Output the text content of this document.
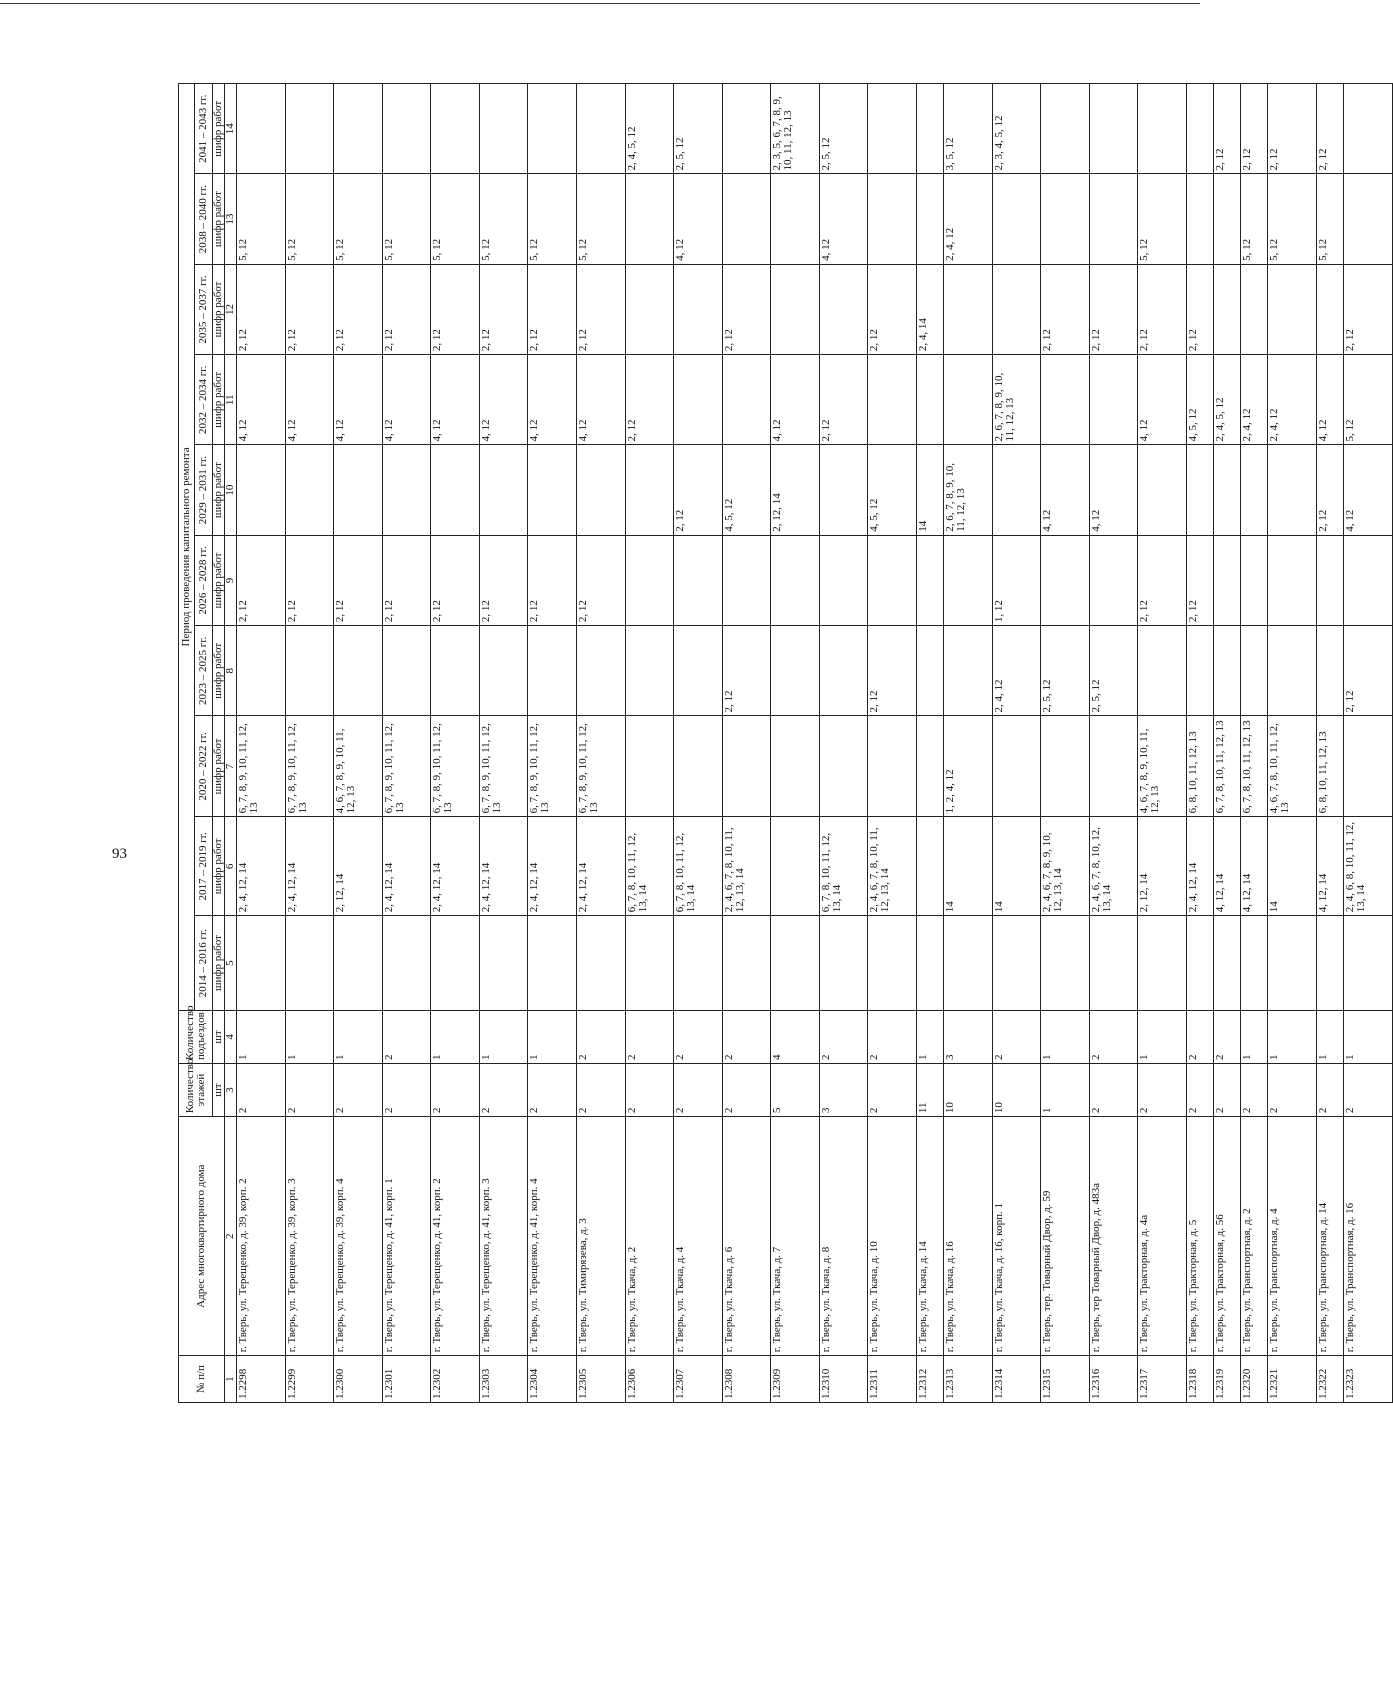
93
№ п/п	Адрес многоквартирного дома	Количество этажей	Количество подъездов	Период проведения капитального ремонта									
				2014 – 2016 гг.	2017 – 2019 гг.	2020 – 2022 гг.	2023 – 2025 гг.	2026 – 2028 гг.	2029 – 2031 гг.	2032 – 2034 гг.	2035 – 2037 гг.	2038 – 2040 гг.	2041 – 2043 гг.
		шт	шт	шифр работ	шифр работ	шифр работ	шифр работ	шифр работ	шифр работ	шифр работ	шифр работ	шифр работ	шифр работ
1	2	3	4	5	6	7	8	9	10	11	12	13	14
1.2298	г. Тверь, ул. Терещенко, д. 39, корп. 2	2	1		2, 4, 12, 14	6, 7, 8, 9, 10, 11, 12, 13		2, 12		4, 12	2, 12	5, 12	
1.2299	г. Тверь, ул. Терещенко, д. 39, корп. 3	2	1		2, 4, 12, 14	6, 7, 8, 9, 10, 11, 12, 13		2, 12		4, 12	2, 12	5, 12	
1.2300	г. Тверь, ул. Терещенко, д. 39, корп. 4	2	1		2, 12, 14	4, 6, 7, 8, 9, 10, 11, 12, 13		2, 12		4, 12	2, 12	5, 12	
1.2301	г. Тверь, ул. Терещенко, д. 41, корп. 1	2	2		2, 4, 12, 14	6, 7, 8, 9, 10, 11, 12, 13		2, 12		4, 12	2, 12	5, 12	
1.2302	г. Тверь, ул. Терещенко, д. 41, корп. 2	2	1		2, 4, 12, 14	6, 7, 8, 9, 10, 11, 12, 13		2, 12		4, 12	2, 12	5, 12	
1.2303	г. Тверь, ул. Терещенко, д. 41, корп. 3	2	1		2, 4, 12, 14	6, 7, 8, 9, 10, 11, 12, 13		2, 12		4, 12	2, 12	5, 12	
1.2304	г. Тверь, ул. Терещенко, д. 41, корп. 4	2	1		2, 4, 12, 14	6, 7, 8, 9, 10, 11, 12, 13		2, 12		4, 12	2, 12	5, 12	
1.2305	г. Тверь, ул. Тимирязева, д. 3	2	2		2, 4, 12, 14	6, 7, 8, 9, 10, 11, 12, 13		2, 12		4, 12	2, 12	5, 12	
1.2306	г. Тверь, ул. Ткача, д. 2	2	2		6, 7, 8, 10, 11, 12, 13, 14					2, 12			2, 4, 5, 12
1.2307	г. Тверь, ул. Ткача, д. 4	2	2		6, 7, 8, 10, 11, 12, 13, 14				2, 12			4, 12	2, 5, 12
1.2308	г. Тверь, ул. Ткача, д. 6	2	2		2, 4, 6, 7, 8, 10, 11, 12, 13, 14		2, 12		4, 5, 12		2, 12		
1.2309	г. Тверь, ул. Ткача, д. 7	5	4						2, 12, 14	4, 12			2, 3, 5, 6, 7, 8, 9, 10, 11, 12, 13
1.2310	г. Тверь, ул. Ткача, д. 8	3	2		6, 7, 8, 10, 11, 12, 13, 14					2, 12		4, 12	2, 5, 12
1.2311	г. Тверь, ул. Ткача, д. 10	2	2		2, 4, 6, 7, 8, 10, 11, 12, 13, 14		2, 12		4, 5, 12		2, 12		
1.2312	г. Тверь, ул. Ткача, д. 14	11	1						14		2, 4, 14		
1.2313	г. Тверь, ул. Ткача, д. 16	10	3		14	1, 2, 4, 12			2, 6, 7, 8, 9, 10, 11, 12, 13			2, 4, 12	3, 5, 12
1.2314	г. Тверь, ул. Ткача, д. 16, корп. 1	10	2		14		2, 4, 12	1, 12		2, 6, 7, 8, 9, 10, 11, 12, 13			2, 3, 4, 5, 12
1.2315	г. Тверь, тер. Товарный Двор, д. 59	1	1		2, 4, 6, 7, 8, 9, 10, 12, 13, 14		2, 5, 12		4, 12		2, 12		
1.2316	г. Тверь, тер Товарный Двор, д. 483а	2	2		2, 4, 6, 7, 8, 10, 12, 13, 14		2, 5, 12		4, 12		2, 12		
1.2317	г. Тверь, ул. Тракторная, д. 4а	2	1		2, 12, 14	4, 6, 7, 8, 9, 10, 11, 12, 13		2, 12		4, 12	2, 12	5, 12	
1.2318	г. Тверь, ул. Тракторная, д. 5	2	2		2, 4, 12, 14	6, 8, 10, 11, 12, 13		2, 12		4, 5, 12	2, 12		
1.2319	г. Тверь, ул. Тракторная, д. 56	2	2		4, 12, 14	6, 7, 8, 10, 11, 12, 13				2, 4, 5, 12			2, 12
1.2320	г. Тверь, ул. Транспортная, д. 2	2	1		4, 12, 14	6, 7, 8, 10, 11, 12, 13				2, 4, 12		5, 12	2, 12
1.2321	г. Тверь, ул. Транспортная, д. 4	2	1		14	4, 6, 7, 8, 10, 11, 12, 13				2, 4, 12		5, 12	2, 12
1.2322	г. Тверь, ул. Транспортная, д. 14	2	1		4, 12, 14	6, 8, 10, 11, 12, 13			2, 12	4, 12		5, 12	2, 12
1.2323	г. Тверь, ул. Транспортная, д. 16	2	1		2, 4, 6, 8, 10, 11, 12, 13, 14		2, 12		4, 12	5, 12	2, 12		
